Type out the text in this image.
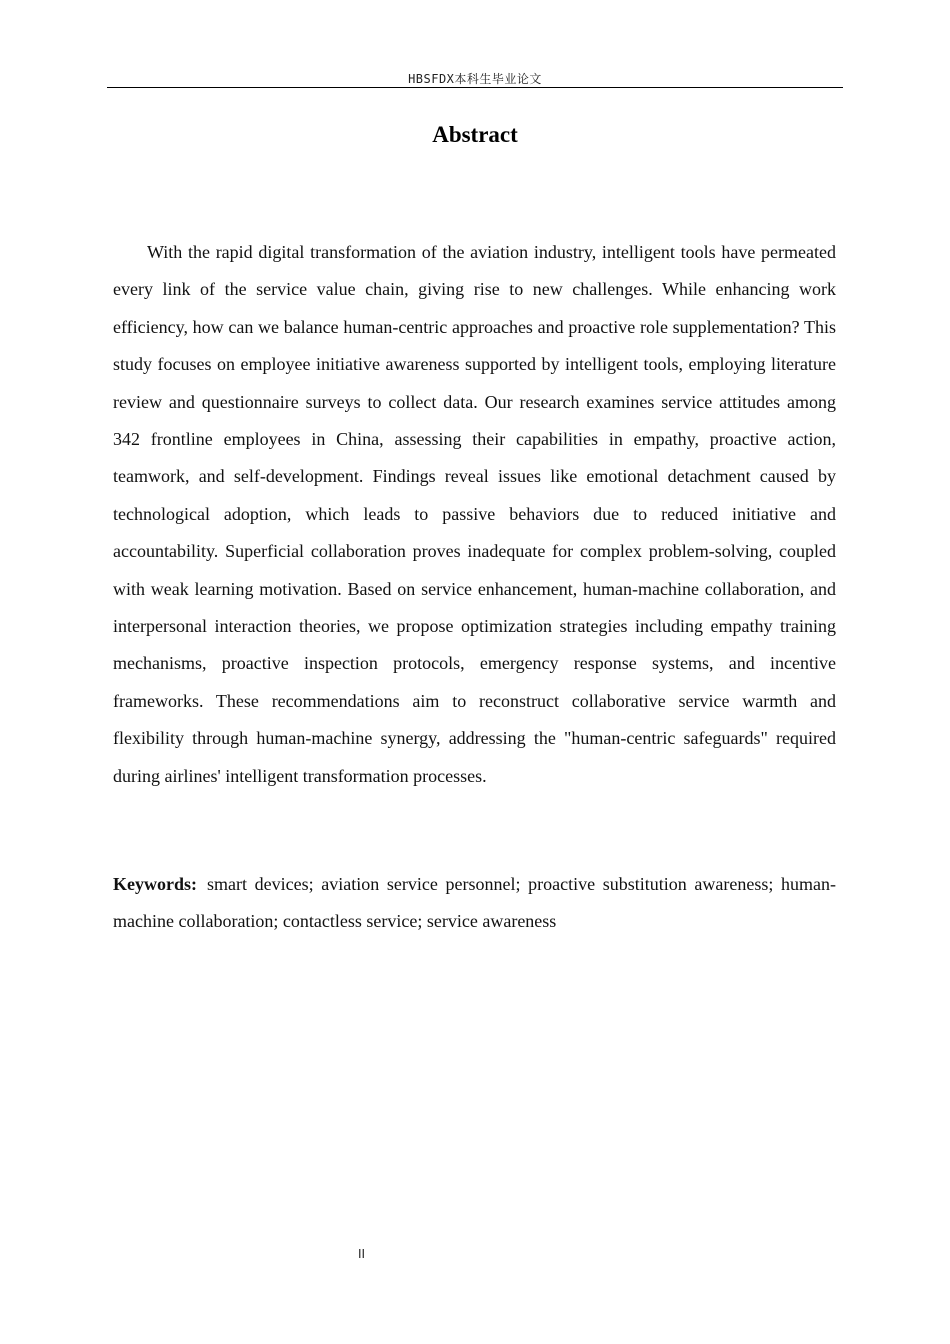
HBSFDX本科生毕业论文
Abstract

With the rapid digital transformation of the aviation industry, intelligent tools have permeated every link of the service value chain, giving rise to new challenges. While enhancing work efficiency, how can we balance human-centric approaches and proactive role supplementation? This study focuses on employee initiative awareness supported by intelligent tools, employing literature review and questionnaire surveys to collect data. Our research examines service attitudes among 342 frontline employees in China, assessing their capabilities in empathy, proactive action, teamwork, and self-development. Findings reveal issues like emotional detachment caused by technological adoption, which leads to passive behaviors due to reduced initiative and accountability. Superficial collaboration proves inadequate for complex problem-solving, coupled with weak learning motivation. Based on service enhancement, human-machine collaboration, and interpersonal interaction theories, we propose optimization strategies including empathy training mechanisms, proactive inspection protocols, emergency response systems, and incentive frameworks. These recommendations aim to reconstruct collaborative service warmth and flexibility through human-machine synergy, addressing the "human-centric safeguards" required during airlines' intelligent transformation processes.

Keywords: smart devices; aviation service personnel; proactive substitution awareness; human-machine collaboration; contactless service; service awareness

II
